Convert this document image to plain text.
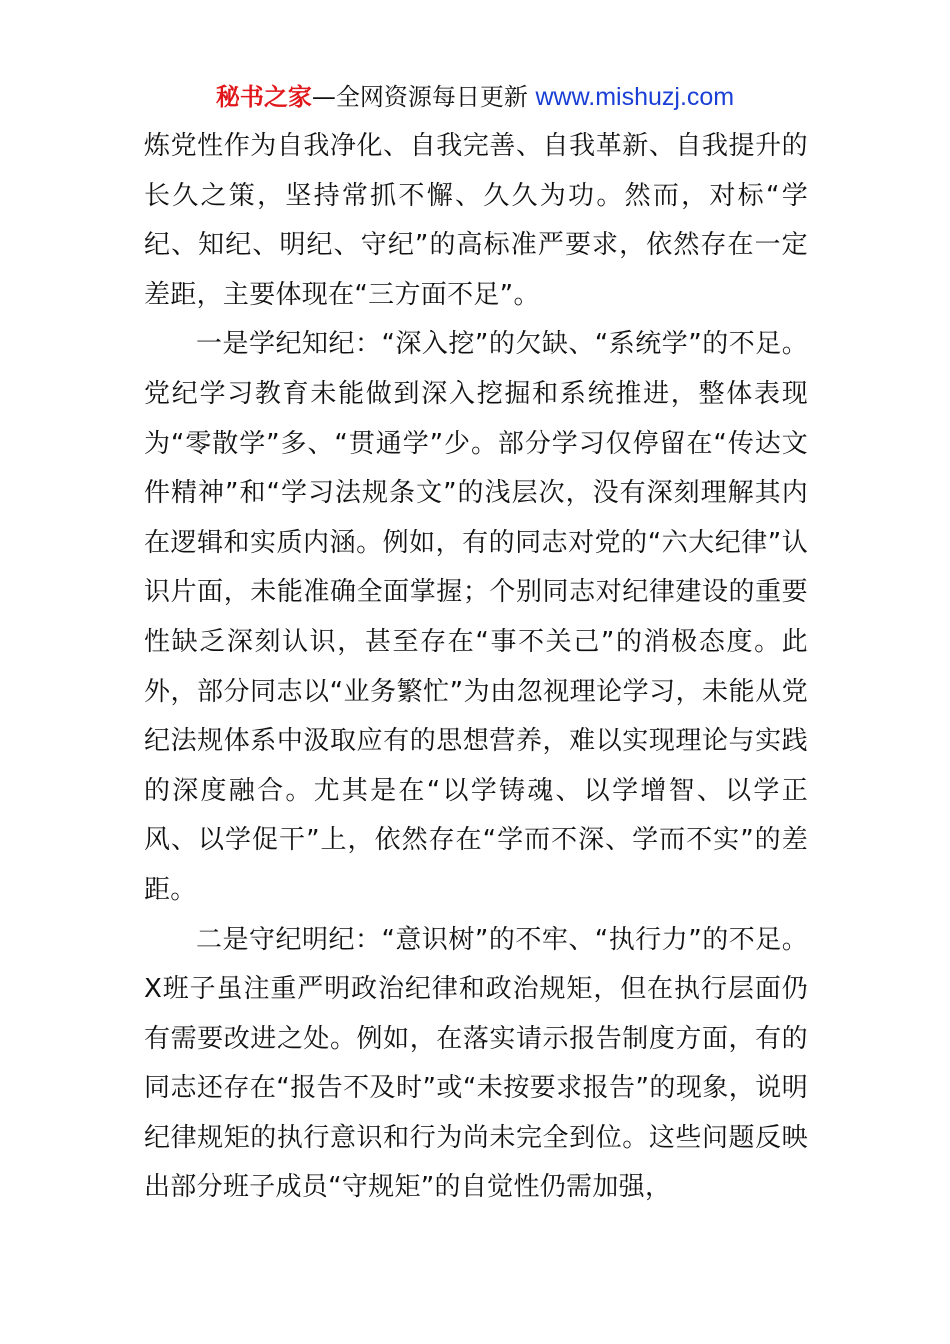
秘书之家—全网资源每日更新 www.mishuzj.com

炼党性作为自我净化、自我完善、自我革新、自我提升的长久之策，坚持常抓不懈、久久为功。然而，对标“学纪、知纪、明纪、守纪”的高标准严要求，依然存在一定差距，主要体现在“三方面不足”。

一是学纪知纪：“深入挖”的欠缺、“系统学”的不足。党纪学习教育未能做到深入挖掘和系统推进，整体表现为“零散学”多、“贯通学”少。部分学习仅停留在“传达文件精神”和“学习法规条文”的浅层次，没有深刻理解其内在逻辑和实质内涵。例如，有的同志对党的“六大纪律”认识片面，未能准确全面掌握；个别同志对纪律建设的重要性缺乏深刻认识，甚至存在“事不关己”的消极态度。此外，部分同志以“业务繁忙”为由忽视理论学习，未能从党纪法规体系中汲取应有的思想营养，难以实现理论与实践的深度融合。尤其是在“以学铸魂、以学增智、以学正风、以学促干”上，依然存在“学而不深、学而不实”的差距。

二是守纪明纪：“意识树”的不牢、“执行力”的不足。X班子虽注重严明政治纪律和政治规矩，但在执行层面仍有需要改进之处。例如，在落实请示报告制度方面，有的同志还存在“报告不及时”或“未按要求报告”的现象，说明纪律规矩的执行意识和行为尚未完全到位。这些问题反映出部分班子成员“守规矩”的自觉性仍需加强，
